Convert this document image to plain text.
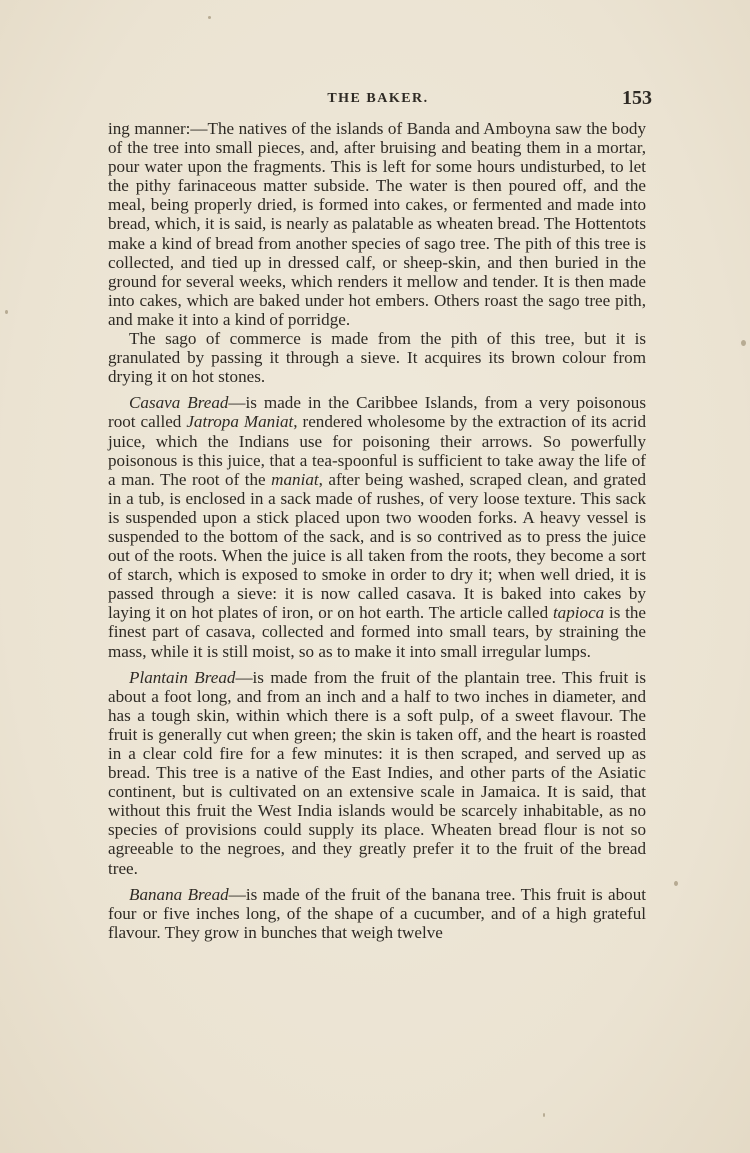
THE BAKER.	153

ing manner:—The natives of the islands of Banda and Amboyna saw the body of the tree into small pieces, and, after bruising and beating them in a mortar, pour water upon the fragments. This is left for some hours undisturbed, to let the pithy farinaceous matter subside. The water is then poured off, and the meal, being properly dried, is formed into cakes, or fermented and made into bread, which, it is said, is nearly as palatable as wheaten bread. The Hottentots make a kind of bread from another species of sago tree. The pith of this tree is collected, and tied up in dressed calf, or sheep-skin, and then buried in the ground for several weeks, which renders it mellow and tender. It is then made into cakes, which are baked under hot embers. Others roast the sago tree pith, and make it into a kind of porridge.

The sago of commerce is made from the pith of this tree, but it is granulated by passing it through a sieve. It acquires its brown colour from drying it on hot stones.

Casava Bread—is made in the Caribbee Islands, from a very poisonous root called Jatropa Maniat, rendered wholesome by the extraction of its acrid juice, which the Indians use for poisoning their arrows. So powerfully poisonous is this juice, that a tea-spoonful is sufficient to take away the life of a man. The root of the maniat, after being washed, scraped clean, and grated in a tub, is enclosed in a sack made of rushes, of very loose texture. This sack is suspended upon a stick placed upon two wooden forks. A heavy vessel is suspended to the bottom of the sack, and is so contrived as to press the juice out of the roots. When the juice is all taken from the roots, they become a sort of starch, which is exposed to smoke in order to dry it; when well dried, it is passed through a sieve: it is now called casava. It is baked into cakes by laying it on hot plates of iron, or on hot earth. The article called tapioca is the finest part of casava, collected and formed into small tears, by straining the mass, while it is still moist, so as to make it into small irregular lumps.

Plantain Bread—is made from the fruit of the plantain tree. This fruit is about a foot long, and from an inch and a half to two inches in diameter, and has a tough skin, within which there is a soft pulp, of a sweet flavour. The fruit is generally cut when green; the skin is taken off, and the heart is roasted in a clear cold fire for a few minutes: it is then scraped, and served up as bread. This tree is a native of the East Indies, and other parts of the Asiatic continent, but is cultivated on an extensive scale in Jamaica. It is said, that without this fruit the West India islands would be scarcely inhabitable, as no species of provisions could supply its place. Wheaten bread flour is not so agreeable to the negroes, and they greatly prefer it to the fruit of the bread tree.

Banana Bread—is made of the fruit of the banana tree. This fruit is about four or five inches long, of the shape of a cucumber, and of a high grateful flavour. They grow in bunches that weigh twelve
